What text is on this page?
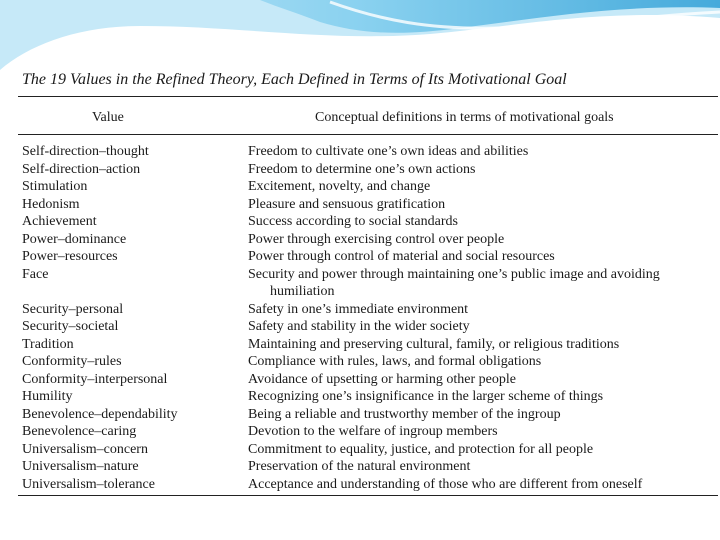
The 19 Values in the Refined Theory, Each Defined in Terms of Its Motivational Goal
Value	Conceptual definitions in terms of motivational goals
Self-direction–thought	Freedom to cultivate one’s own ideas and abilities
Self-direction–action	Freedom to determine one’s own actions
Stimulation	Excitement, novelty, and change
Hedonism	Pleasure and sensuous gratification
Achievement	Success according to social standards
Power–dominance	Power through exercising control over people
Power–resources	Power through control of material and social resources
Face	Security and power through maintaining one’s public image and avoiding humiliation
Security–personal	Safety in one’s immediate environment
Security–societal	Safety and stability in the wider society
Tradition	Maintaining and preserving cultural, family, or religious traditions
Conformity–rules	Compliance with rules, laws, and formal obligations
Conformity–interpersonal	Avoidance of upsetting or harming other people
Humility	Recognizing one’s insignificance in the larger scheme of things
Benevolence–dependability	Being a reliable and trustworthy member of the ingroup
Benevolence–caring	Devotion to the welfare of ingroup members
Universalism–concern	Commitment to equality, justice, and protection for all people
Universalism–nature	Preservation of the natural environment
Universalism–tolerance	Acceptance and understanding of those who are different from oneself
